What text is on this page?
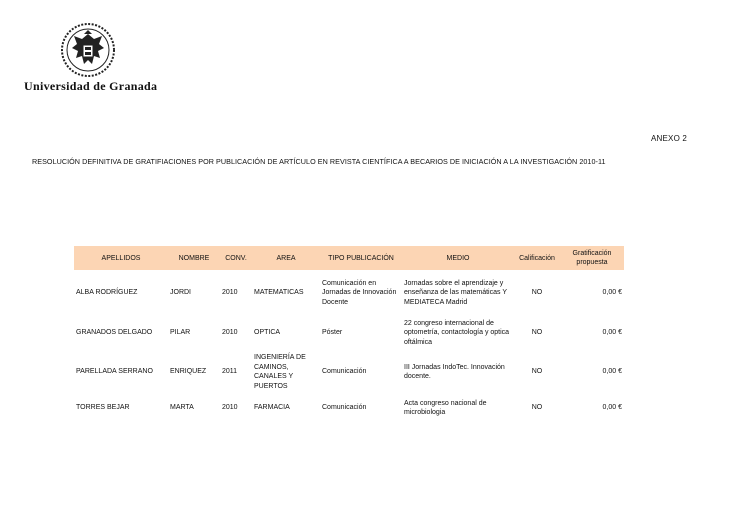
Universidad de Granada
ANEXO 2
RESOLUCIÓN DEFINITIVA DE GRATIFIACIONES POR PUBLICACIÓN DE ARTÍCULO EN REVISTA CIENTÍFICA A BECARIOS DE INICIACIÓN A LA INVESTIGACIÓN 2010-11
APELLIDOS	NOMBRE	CONV.	AREA	TIPO PUBLICACIÓN	MEDIO	Calificación	Gratificación propuesta
ALBA RODRÍGUEZ	JORDI	2010	MATEMATICAS	Comunicación en Jornadas de Innovación Docente	Jornadas sobre el aprendizaje y enseñanza de las matemáticas Y MEDIATECA Madrid	NO	0,00 €
GRANADOS DELGADO	PILAR	2010	OPTICA	Póster	22 congreso internacional de optometría, contactología y optica oftálmica	NO	0,00 €
PARELLADA SERRANO	ENRIQUEZ	2011	INGENIERÍA DE CAMINOS, CANALES Y PUERTOS	Comunicación	III Jornadas IndoTec. Innovación docente.	NO	0,00 €
TORRES BEJAR	MARTA	2010	FARMACIA	Comunicación	Acta congreso nacional de microbiologia	NO	0,00 €
